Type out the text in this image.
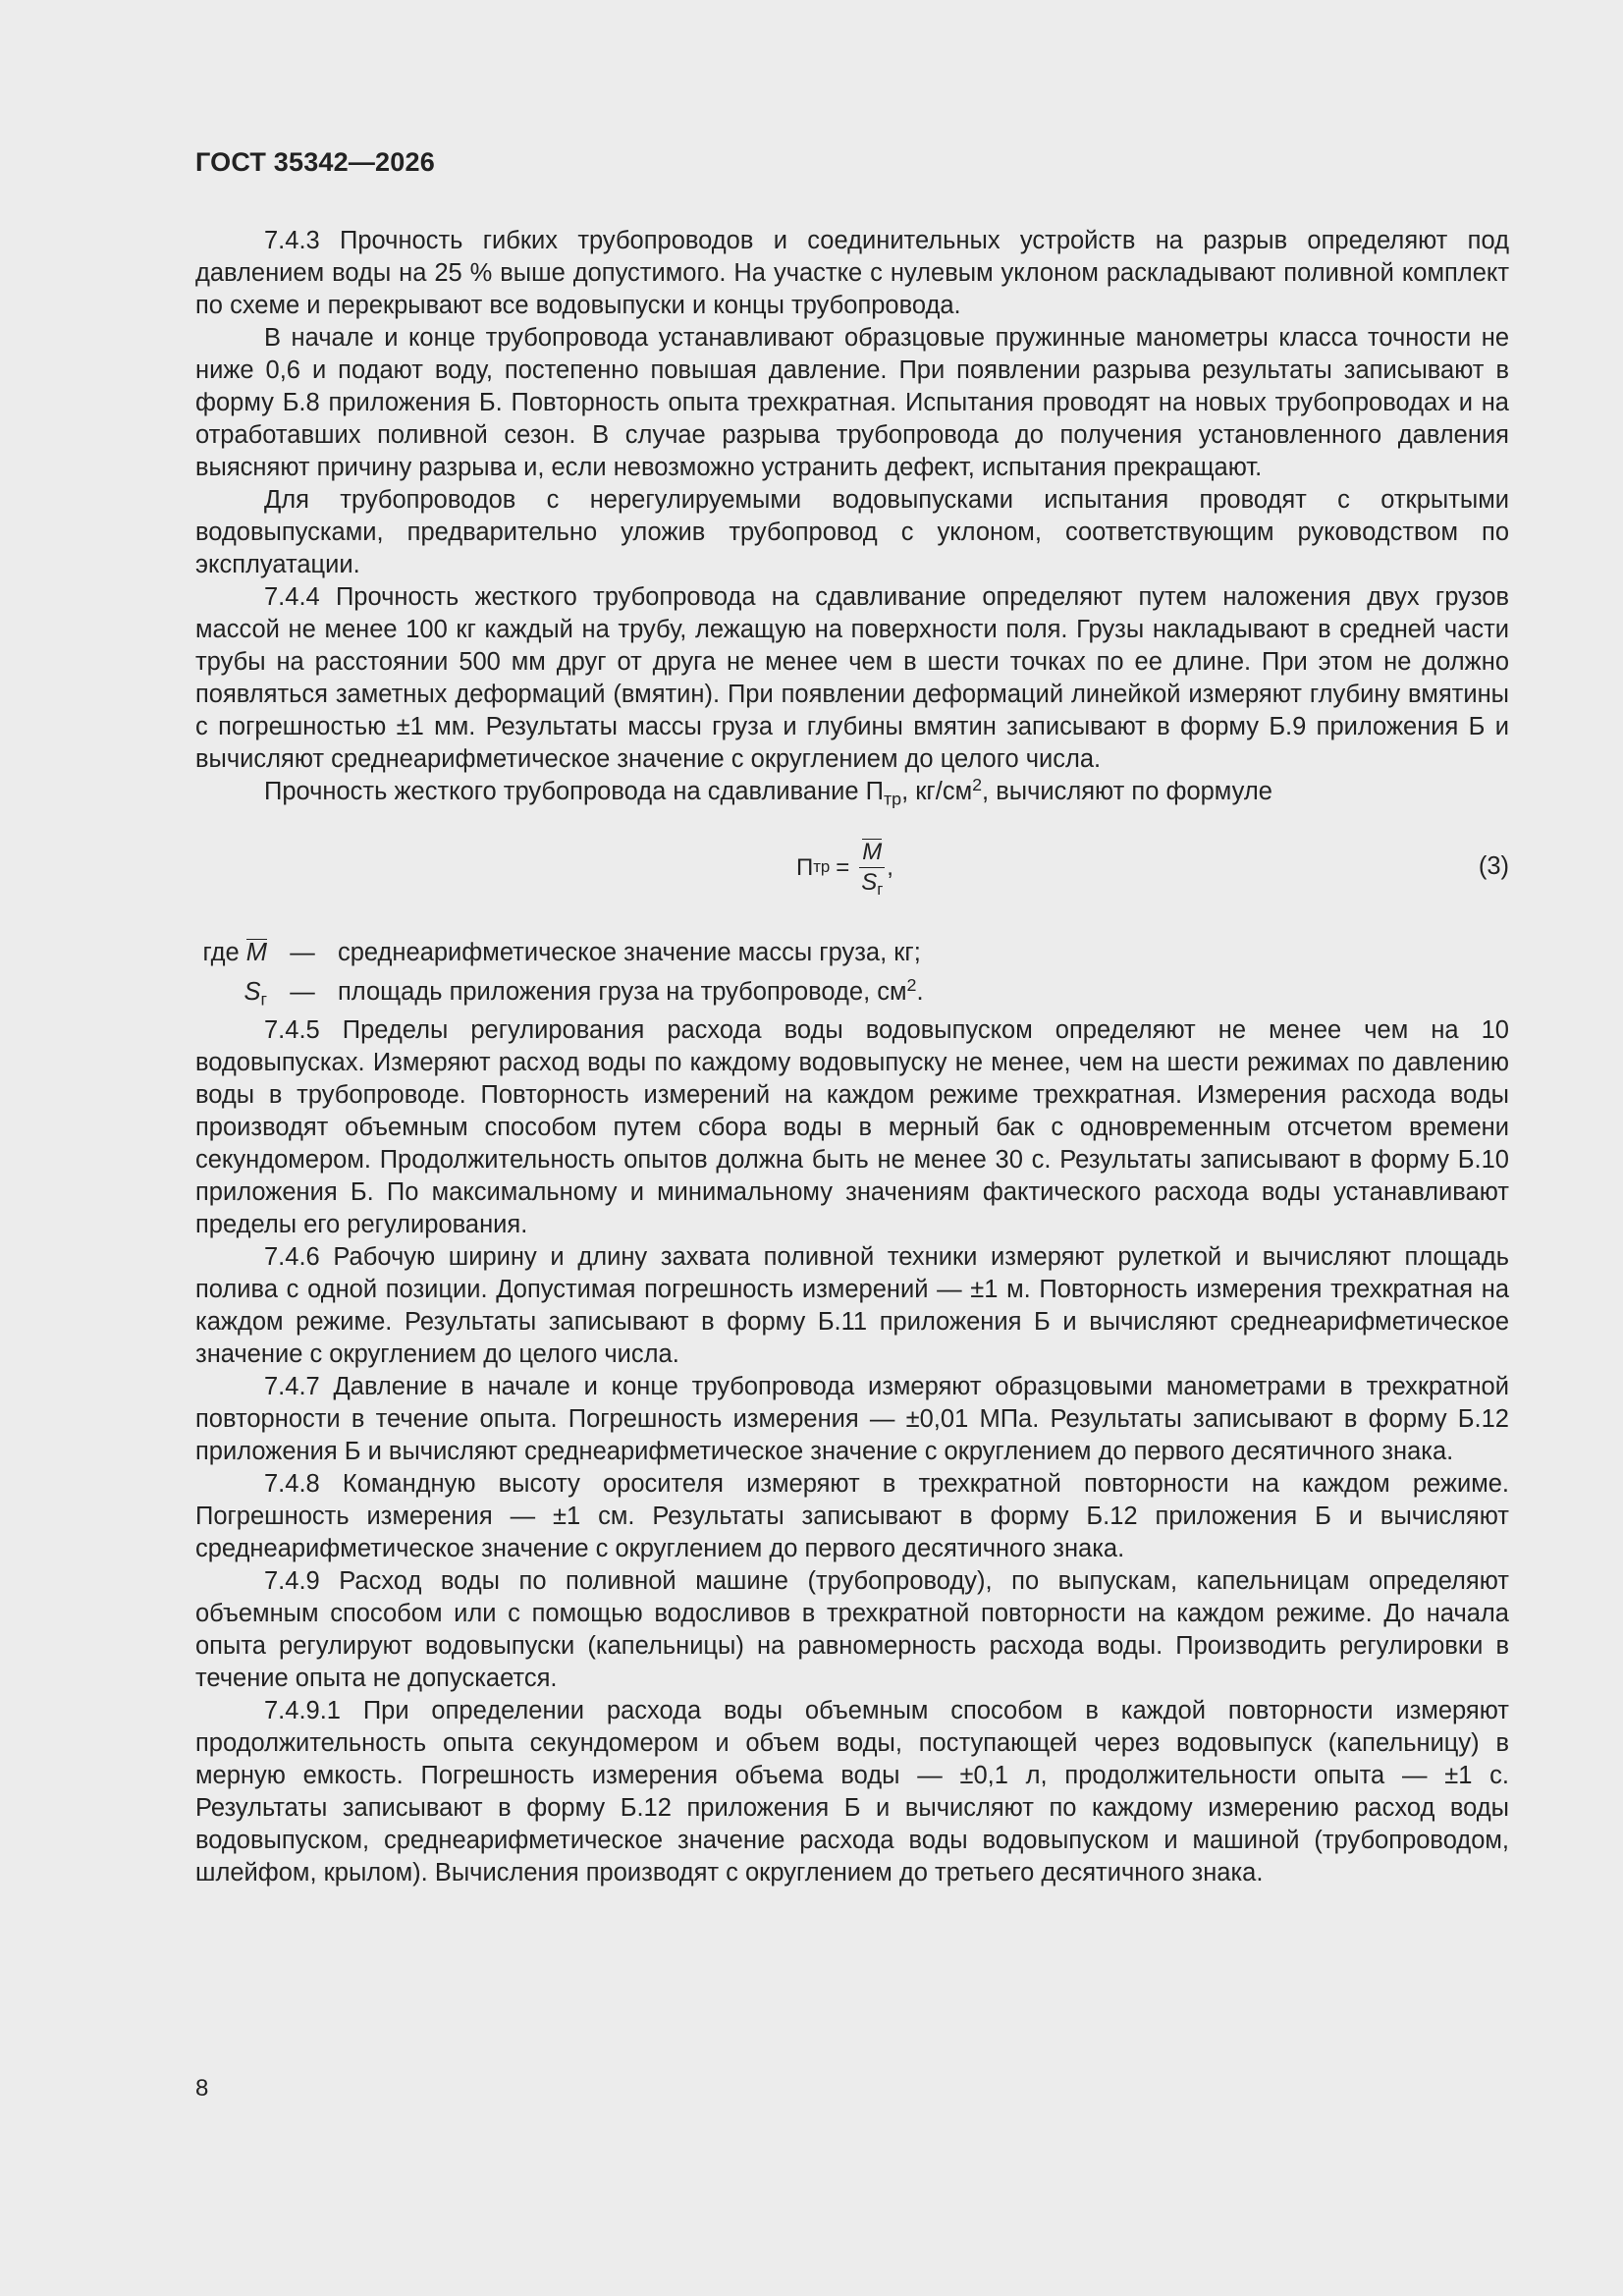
ГОСТ 35342—2026

7.4.3 Прочность гибких трубопроводов и соединительных устройств на разрыв определяют под давлением воды на 25 % выше допустимого. На участке с нулевым уклоном раскладывают поливной комплект по схеме и перекрывают все водовыпуски и концы трубопровода.

В начале и конце трубопровода устанавливают образцовые пружинные манометры класса точности не ниже 0,6 и подают воду, постепенно повышая давление. При появлении разрыва результаты записывают в форму Б.8 приложения Б. Повторность опыта трехкратная. Испытания проводят на новых трубопроводах и на отработавших поливной сезон. В случае разрыва трубопровода до получения установленного давления выясняют причину разрыва и, если невозможно устранить дефект, испытания прекращают.

Для трубопроводов с нерегулируемыми водовыпусками испытания проводят с открытыми водовыпусками, предварительно уложив трубопровод с уклоном, соответствующим руководством по эксплуатации.

7.4.4 Прочность жесткого трубопровода на сдавливание определяют путем наложения двух грузов массой не менее 100 кг каждый на трубу, лежащую на поверхности поля. Грузы накладывают в средней части трубы на расстоянии 500 мм друг от друга не менее чем в шести точках по ее длине. При этом не должно появляться заметных деформаций (вмятин). При появлении деформаций линейкой измеряют глубину вмятины с погрешностью ±1 мм. Результаты массы груза и глубины вмятин записывают в форму Б.9 приложения Б и вычисляют среднеарифметическое значение с округлением до целого числа.

Прочность жесткого трубопровода на сдавливание $П_{тр}$, $кг/см^2$, вычисляют по формуле

П тр = $\frac{M}{S_г}$ ,	(3)
где M — среднеарифметическое значение массы груза, кг;
$S_г$ — площадь приложения груза на трубопроводе, $см^2$.

7.4.5 Пределы регулирования расхода воды водовыпуском определяют не менее чем на 10 водовыпусках. Измеряют расход воды по каждому водовыпуску не менее, чем на шести режимах по давлению воды в трубопроводе. Повторность измерений на каждом режиме трехкратная. Измерения расхода воды производят объемным способом путем сбора воды в мерный бак с одновременным отсчетом времени секундомером. Продолжительность опытов должна быть не менее 30 с. Результаты записывают в форму Б.10 приложения Б. По максимальному и минимальному значениям фактического расхода воды устанавливают пределы его регулирования.

7.4.6 Рабочую ширину и длину захвата поливной техники измеряют рулеткой и вычисляют площадь полива с одной позиции. Допустимая погрешность измерений — ±1 м. Повторность измерения трехкратная на каждом режиме. Результаты записывают в форму Б.11 приложения Б и вычисляют среднеарифметическое значение с округлением до целого числа.

7.4.7 Давление в начале и конце трубопровода измеряют образцовыми манометрами в трехкратной повторности в течение опыта. Погрешность измерения — ±0,01 МПа. Результаты записывают в форму Б.12 приложения Б и вычисляют среднеарифметическое значение с округлением до первого десятичного знака.

7.4.8 Командную высоту оросителя измеряют в трехкратной повторности на каждом режиме. Погрешность измерения — ±1 см. Результаты записывают в форму Б.12 приложения Б и вычисляют среднеарифметическое значение с округлением до первого десятичного знака.

7.4.9 Расход воды по поливной машине (трубопроводу), по выпускам, капельницам определяют объемным способом или с помощью водосливов в трехкратной повторности на каждом режиме. До начала опыта регулируют водовыпуски (капельницы) на равномерность расхода воды. Производить регулировки в течение опыта не допускается.

7.4.9.1 При определении расхода воды объемным способом в каждой повторности измеряют продолжительность опыта секундомером и объем воды, поступающей через водовыпуск (капельницу) в мерную емкость. Погрешность измерения объема воды — ±0,1 л, продолжительности опыта — ±1 с. Результаты записывают в форму Б.12 приложения Б и вычисляют по каждому измерению расход воды водовыпуском, среднеарифметическое значение расхода воды водовыпуском и машиной (трубопроводом, шлейфом, крылом). Вычисления производят с округлением до третьего десятичного знака.

8
